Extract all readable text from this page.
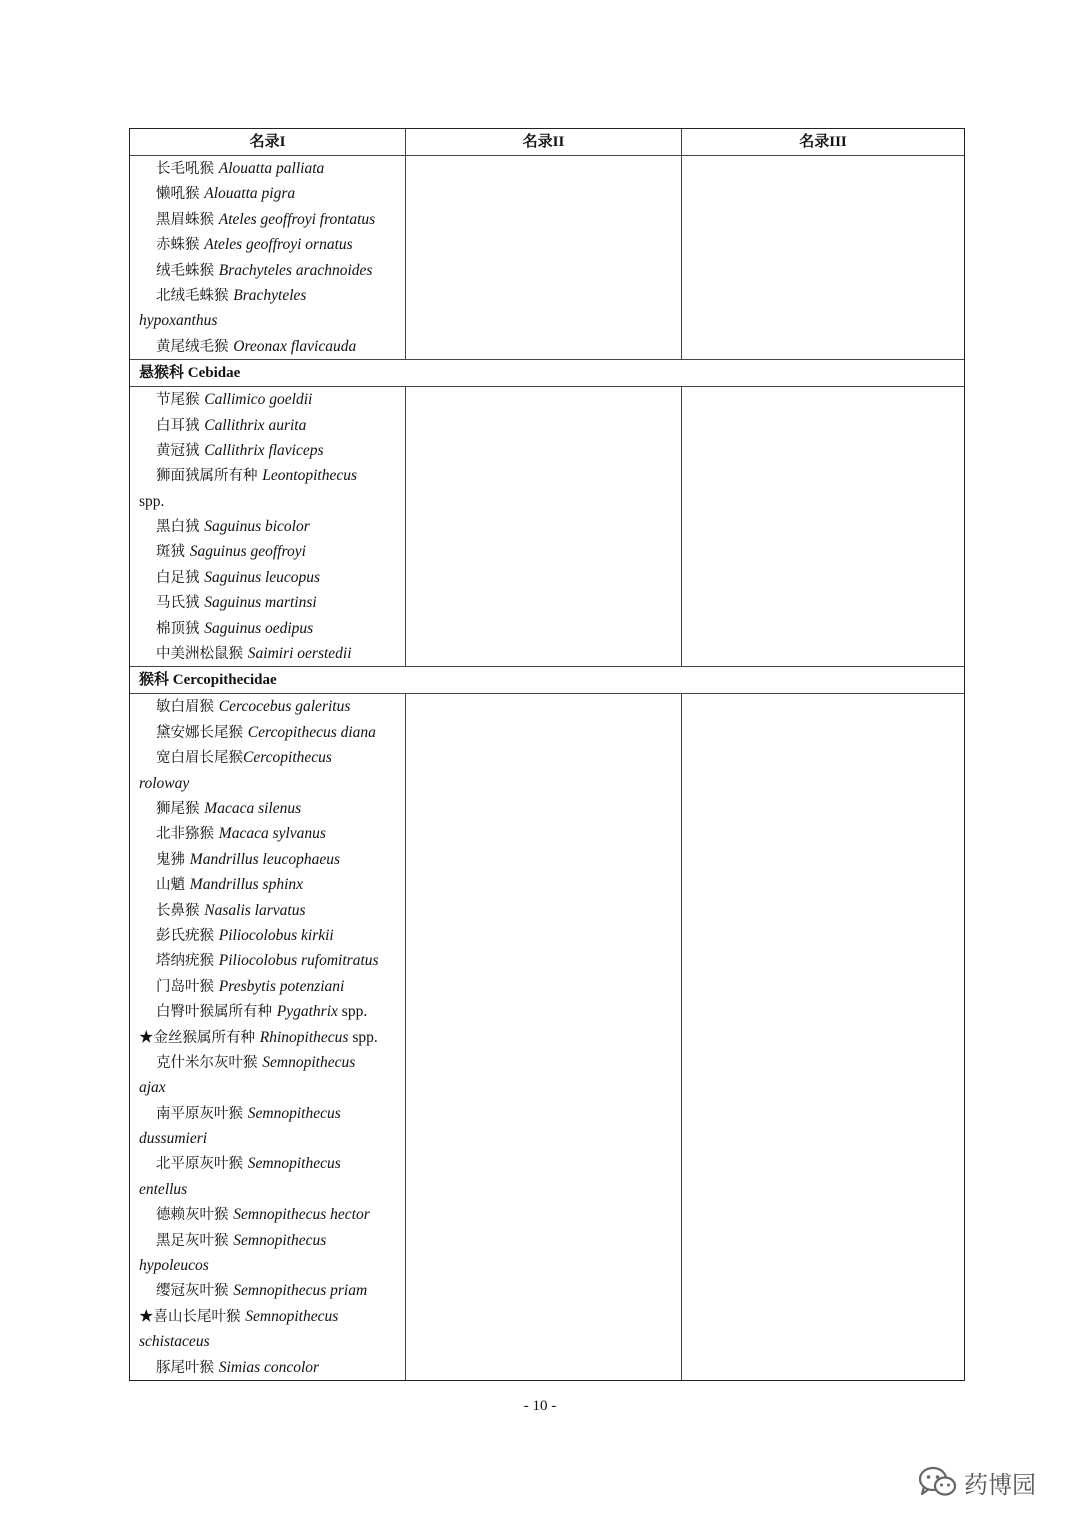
名录I	名录II	名录III
长毛吼猴 Alouatta palliata
懒吼猴 Alouatta pigra
黑眉蛛猴 Ateles geoffroyi frontatus
赤蛛猴 Ateles geoffroyi ornatus
绒毛蛛猴 Brachyteles arachnoides
北绒毛蛛猴 Brachyteles
hypoxanthus
黄尾绒毛猴 Oreonax flavicauda
悬猴科 Cebidae
节尾猴 Callimico goeldii
白耳狨 Callithrix aurita
黄冠狨 Callithrix flaviceps
狮面狨属所有种 Leontopithecus
spp.
黑白狨 Saguinus bicolor
斑狨 Saguinus geoffroyi
白足狨 Saguinus leucopus
马氏狨 Saguinus martinsi
棉顶狨 Saguinus oedipus
中美洲松鼠猴 Saimiri oerstedii
猴科 Cercopithecidae
敏白眉猴 Cercocebus galeritus
黛安娜长尾猴 Cercopithecus diana
宽白眉长尾猴Cercopithecus
roloway
狮尾猴 Macaca silenus
北非猕猴 Macaca sylvanus
鬼狒 Mandrillus leucophaeus
山魈 Mandrillus sphinx
长鼻猴 Nasalis larvatus
彭氏疣猴 Piliocolobus kirkii
塔纳疣猴 Piliocolobus rufomitratus
门岛叶猴 Presbytis potenziani
白臀叶猴属所有种 Pygathrix spp.
★金丝猴属所有种 Rhinopithecus spp.
克什米尔灰叶猴 Semnopithecus
ajax
南平原灰叶猴 Semnopithecus
dussumieri
北平原灰叶猴 Semnopithecus
entellus
德赖灰叶猴 Semnopithecus hector
黑足灰叶猴 Semnopithecus
hypoleucos
缨冠灰叶猴 Semnopithecus priam
★喜山长尾叶猴 Semnopithecus
schistaceus
豚尾叶猴 Simias concolor
- 10 -
药博园
